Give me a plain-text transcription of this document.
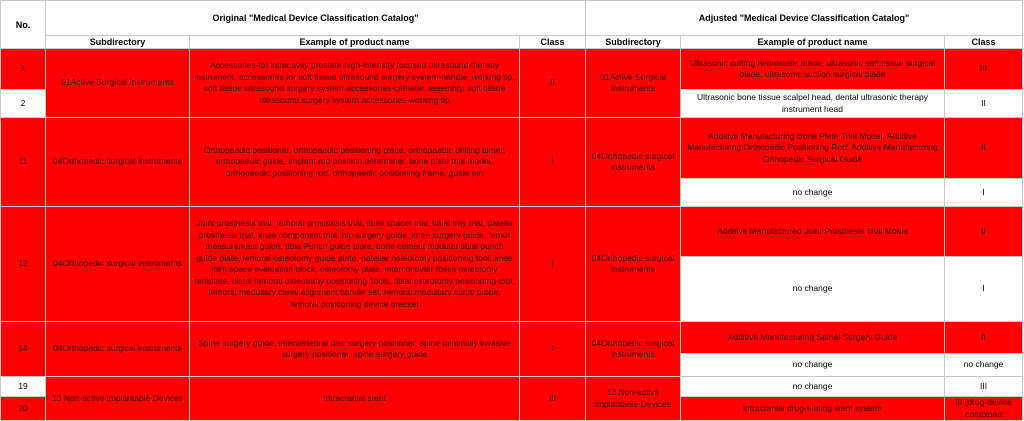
No.	Original "Medical Device Classification Catalog"			Adjusted "Medical Device Classification Catalog"		
	Subdirectory	Example of product name	Class	Subdirectory	Example of product name	Class
1	01Active Surgical Instruments	Accessories for intracavity prostate high-intensity focused ultrasound therapy instrument, accessories for soft tissue ultrasound surgery system-handle, working tip, soft tissue ultrasound surgery system accessories-catheter assembly, soft tissue ultrasound surgery system accessories-working tip	II	01Active Surgical Instruments	Ultrasonic cutting hemostatic blade, ultrasonic soft tissue surgical blade, ultrasonic suction surgical blade	III
2					Ultrasonic bone tissue scalpel head, dental ultrasonic therapy instrument head	II
11	04Orthopedic surgical instruments	Orthopaedic positioner, orthopaedic positioning piece, orthopaedic drilling aimer, orthopaedic guide, implant rod position determiner, bone plate trial model, orthopaedic positioning rod, orthopaedic positioning frame, guide pin	I	04Orthopedic surgical instruments	Additive Manufacturing Bone Plate Trial Model, Additive Manufacturing Orthopedic Positioning Rod, Additive Manufacturing Orthopedic Surgical Guide	II
					no change	I
12	04Orthopedic surgical instruments	Joint prosthesis trial, femoral prosthesis trial, tibial spacer trial, tibial tray trial, patella prosthesis trial, knee component trial, hip surgery guide, knee surgery guide, femur measurement guide, tibia Punch guide plate, bone cement modular tibial punch guide plate, femoral osteotomy guide plate, patellar osteotomy positioning tool, knee joint space evaluation block, osteotomy plate, intercondylar fossa osteotomy template, distal femoral osteotomy positioning Tools, tibial osteotomy positioning tool, femoral medullary canal alignment handle set, femoral medullary canal probe, femoral positioning device bracket	I	04Orthopedic surgical instruments	Additive Manufactured Joint Prosthesis Trial Model	II
					no change	I
14	04Orthopedic surgical instruments	Spine surgery guide, intervertebral disc surgery positioner, spine minimally invasive surgery positioner, spine surgery guide	I	04Orthopedic surgical instruments	Additive Manufacturing Spinal Surgery Guide	II
					no change	no change
19	13 Non-active implantable Devices	Intracranial stent	III	13 Non-active implantable Devices	no change	III
20					intracranial drug-eluting stent system	III (drug-device combined
